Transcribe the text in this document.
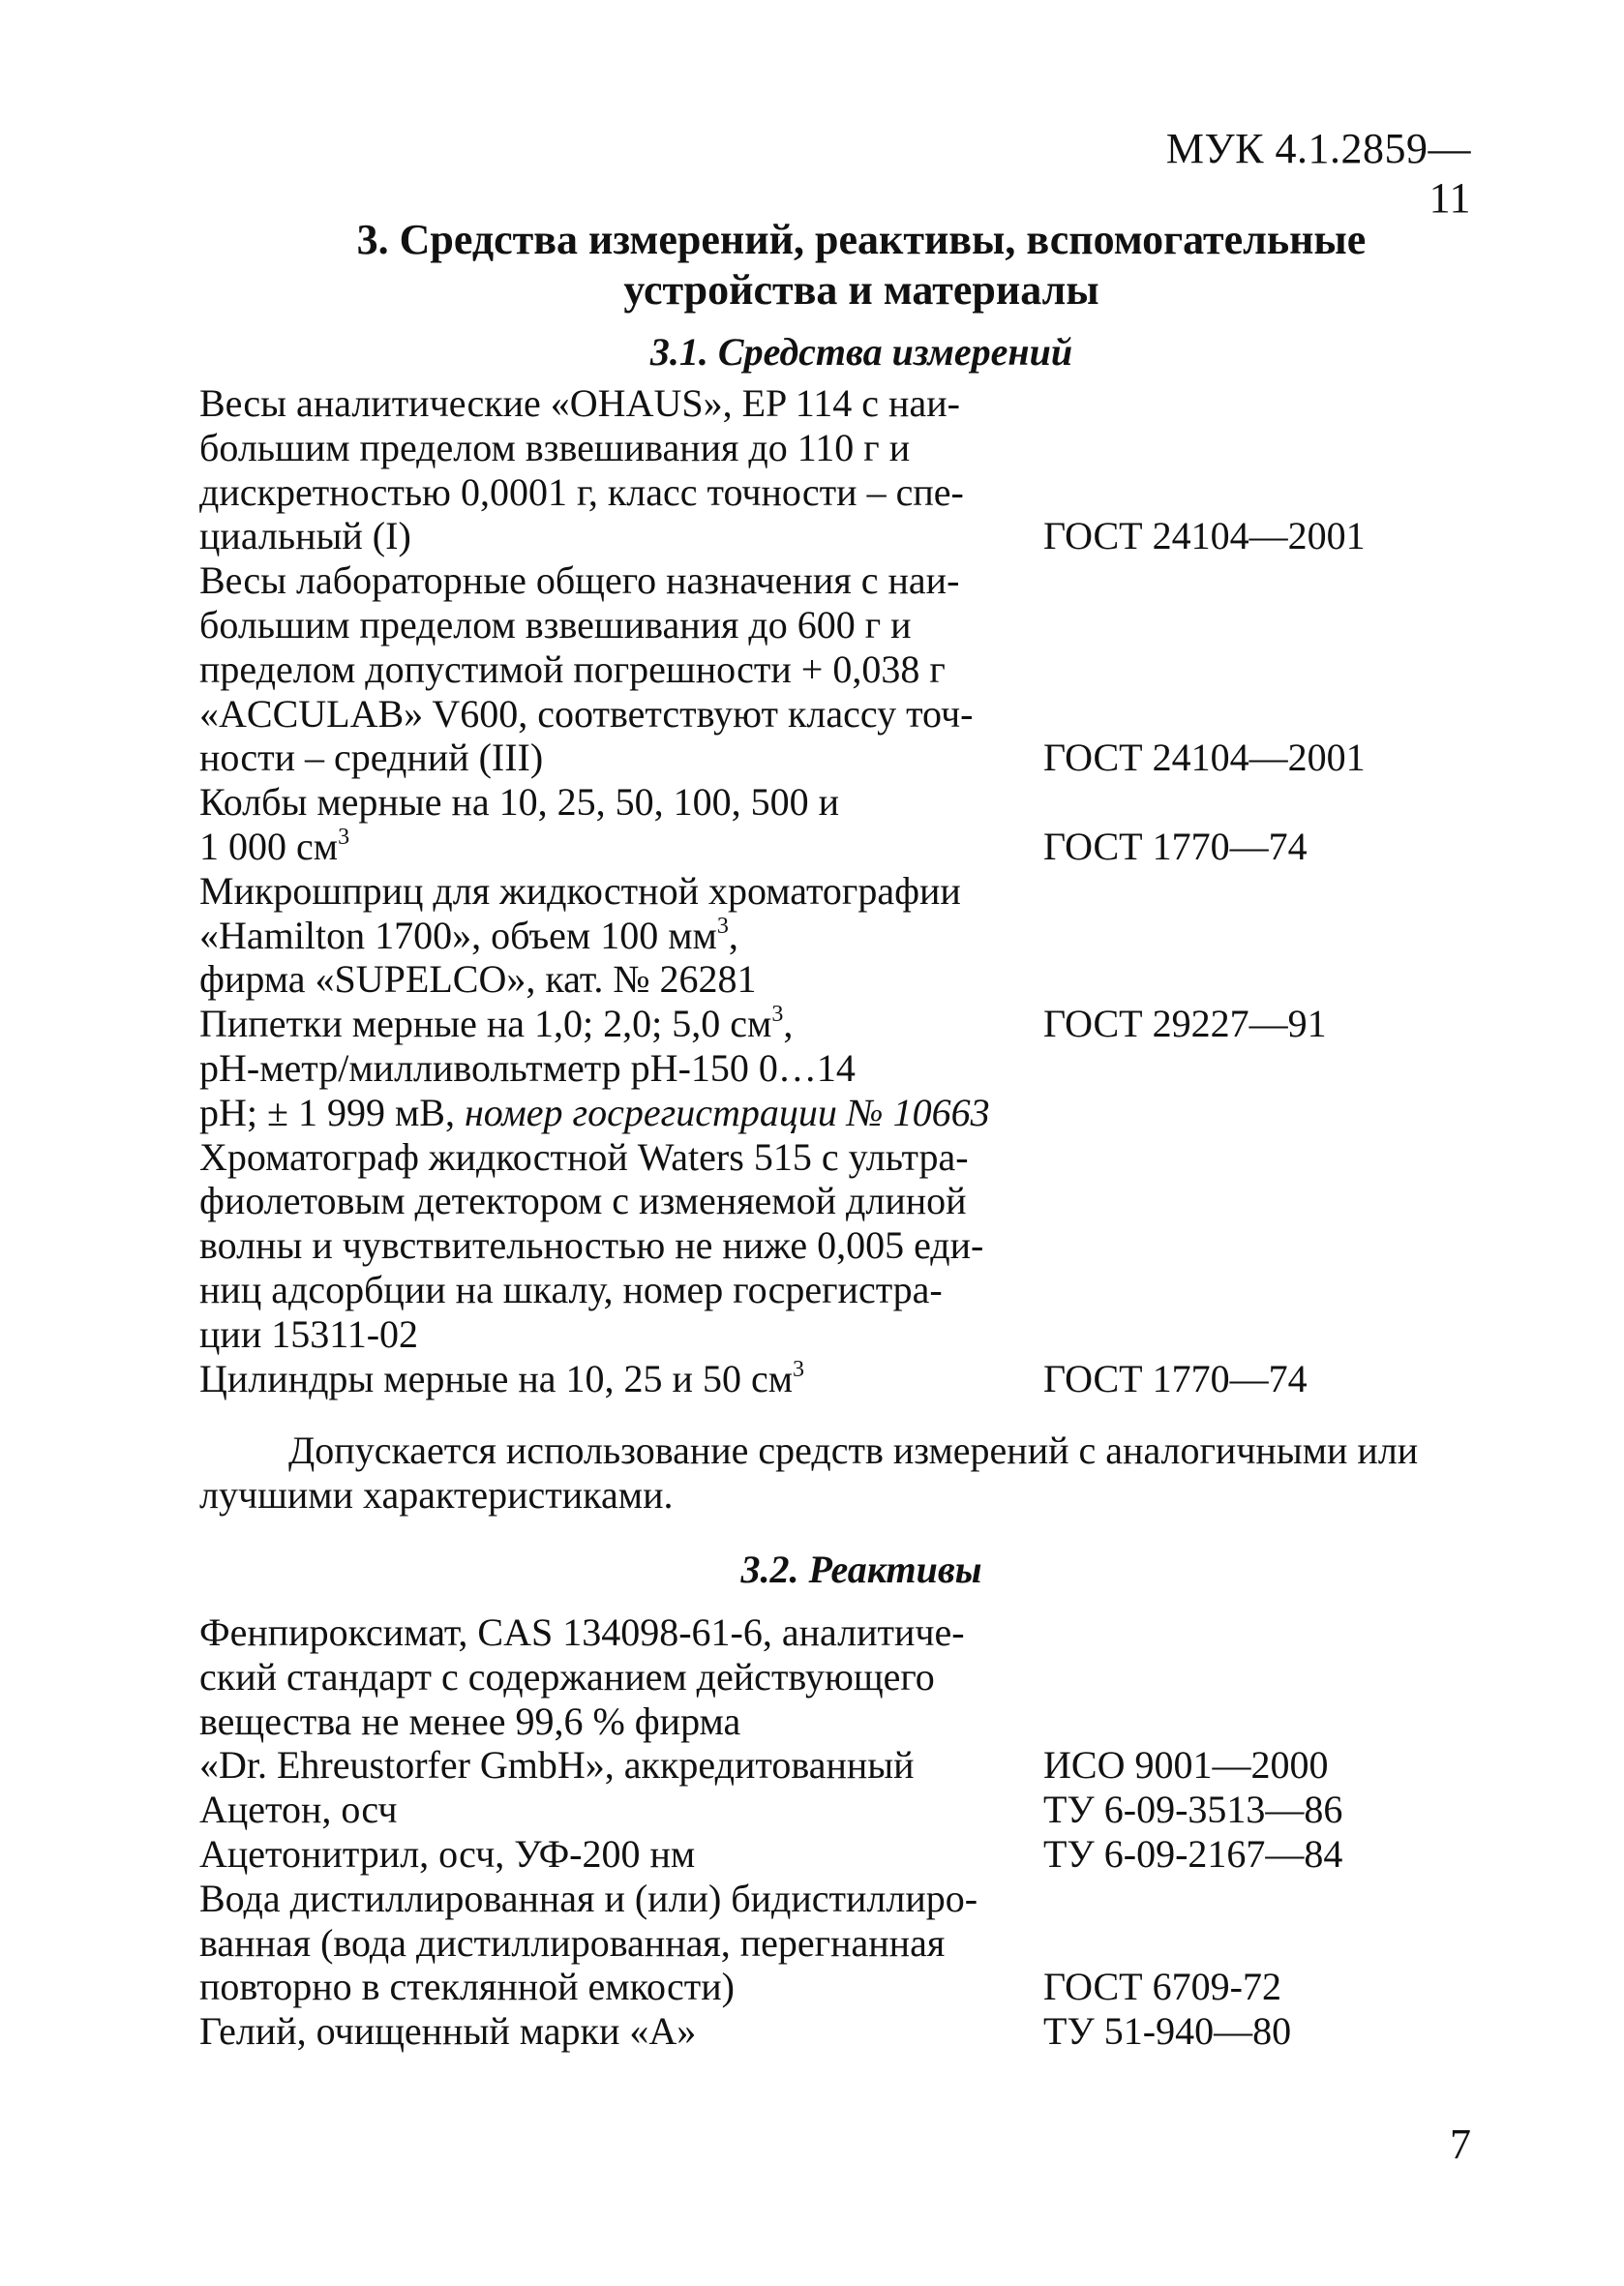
МУК 4.1.2859—11
3. Средства измерений, реактивы, вспомогательные
устройства и материалы
3.1. Средства измерений
Весы аналитические «OHAUS», EP 114 с наи-
большим пределом взвешивания до 110 г и
дискретностью 0,0001 г, класс точности – спе-
циальный (I)	ГОСТ 24104—2001
Весы лабораторные общего назначения с наи-
большим пределом взвешивания до 600 г и
пределом допустимой погрешности + 0,038 г
«ACCULAB» V600, соответствуют классу точ-
ности – средний (III)	ГОСТ 24104—2001
Колбы мерные на 10, 25, 50, 100, 500 и
1 000 $см^3$	ГОСТ 1770—74
Микрошприц для жидкостной хроматографии
«Hamilton 1700», объем 100 $мм^3$,
фирма «SUPELCO», кат. № 26281
Пипетки мерные на 1,0; 2,0; 5,0 $см^3$,	ГОСТ 29227—91
рН-метр/милливольтметр рН-150 0…14
рН; ± 1 999 мВ, номер госрегистрации № 10663
Хроматограф жидкостной Waters 515 с ультра-
фиолетовым детектором с изменяемой длиной
волны и чувствительностью не ниже 0,005 еди-
ниц адсорбции на шкалу, номер госрегистра-
ции 15311-02
Цилиндры мерные на 10, 25 и 50 $см^3$	ГОСТ 1770—74
Допускается использование средств измерений с аналогичными или
лучшими характеристиками.
3.2. Реактивы
Фенпироксимат, CAS 134098-61-6, аналитиче-
ский стандарт с содержанием действующего
вещества не менее 99,6 % фирма
«Dr. Ehreustorfer GmbH», аккредитованный	ИСО 9001—2000
Ацетон, осч	ТУ 6-09-3513—86
Ацетонитрил, осч, УФ-200 нм	ТУ 6-09-2167—84
Вода дистиллированная и (или) бидистиллиро-
ванная (вода дистиллированная, перегнанная
повторно в стеклянной емкости)	ГОСТ 6709-72
Гелий, очищенный марки «А»	ТУ 51-940—80
7
